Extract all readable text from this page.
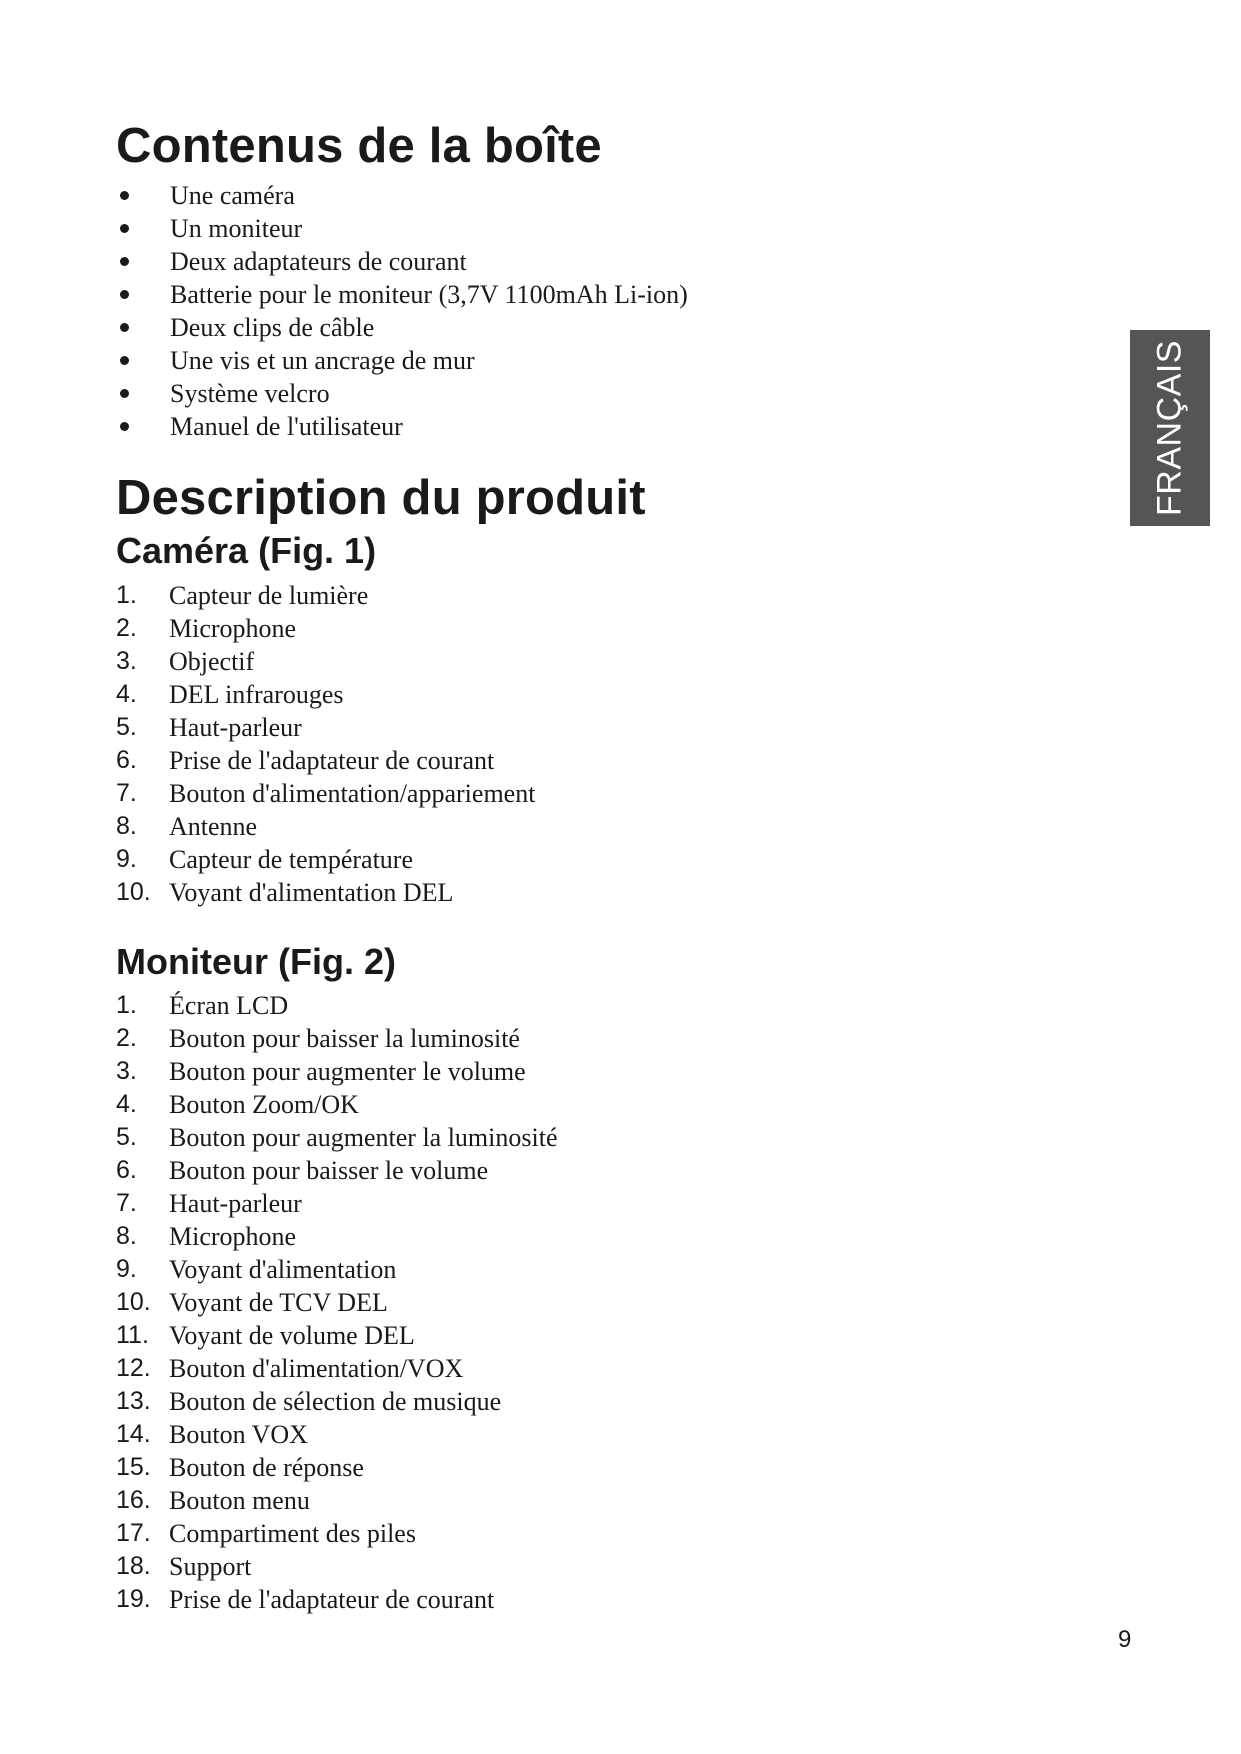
Contenus de la boîte
Une caméra
Un moniteur
Deux adaptateurs de courant
Batterie pour le moniteur (3,7V 1100mAh Li-ion)
Deux clips de câble
Une vis et un ancrage de mur
Système velcro
Manuel de l'utilisateur
Description du produit
Caméra (Fig. 1)
1. Capteur de lumière
2. Microphone
3. Objectif
4. DEL infrarouges
5. Haut-parleur
6. Prise de l'adaptateur de courant
7. Bouton d'alimentation/appariement
8. Antenne
9. Capteur de température
10. Voyant d'alimentation DEL
Moniteur (Fig. 2)
1. Écran LCD
2. Bouton pour baisser la luminosité
3. Bouton pour augmenter le volume
4. Bouton Zoom/OK
5. Bouton pour augmenter la luminosité
6. Bouton pour baisser le volume
7. Haut-parleur
8. Microphone
9. Voyant d'alimentation
10. Voyant de TCV DEL
11. Voyant de volume DEL
12. Bouton d'alimentation/VOX
13. Bouton de sélection de musique
14. Bouton VOX
15. Bouton de réponse
16. Bouton menu
17. Compartiment des piles
18. Support
19. Prise de l'adaptateur de courant
FRANÇAIS
9
